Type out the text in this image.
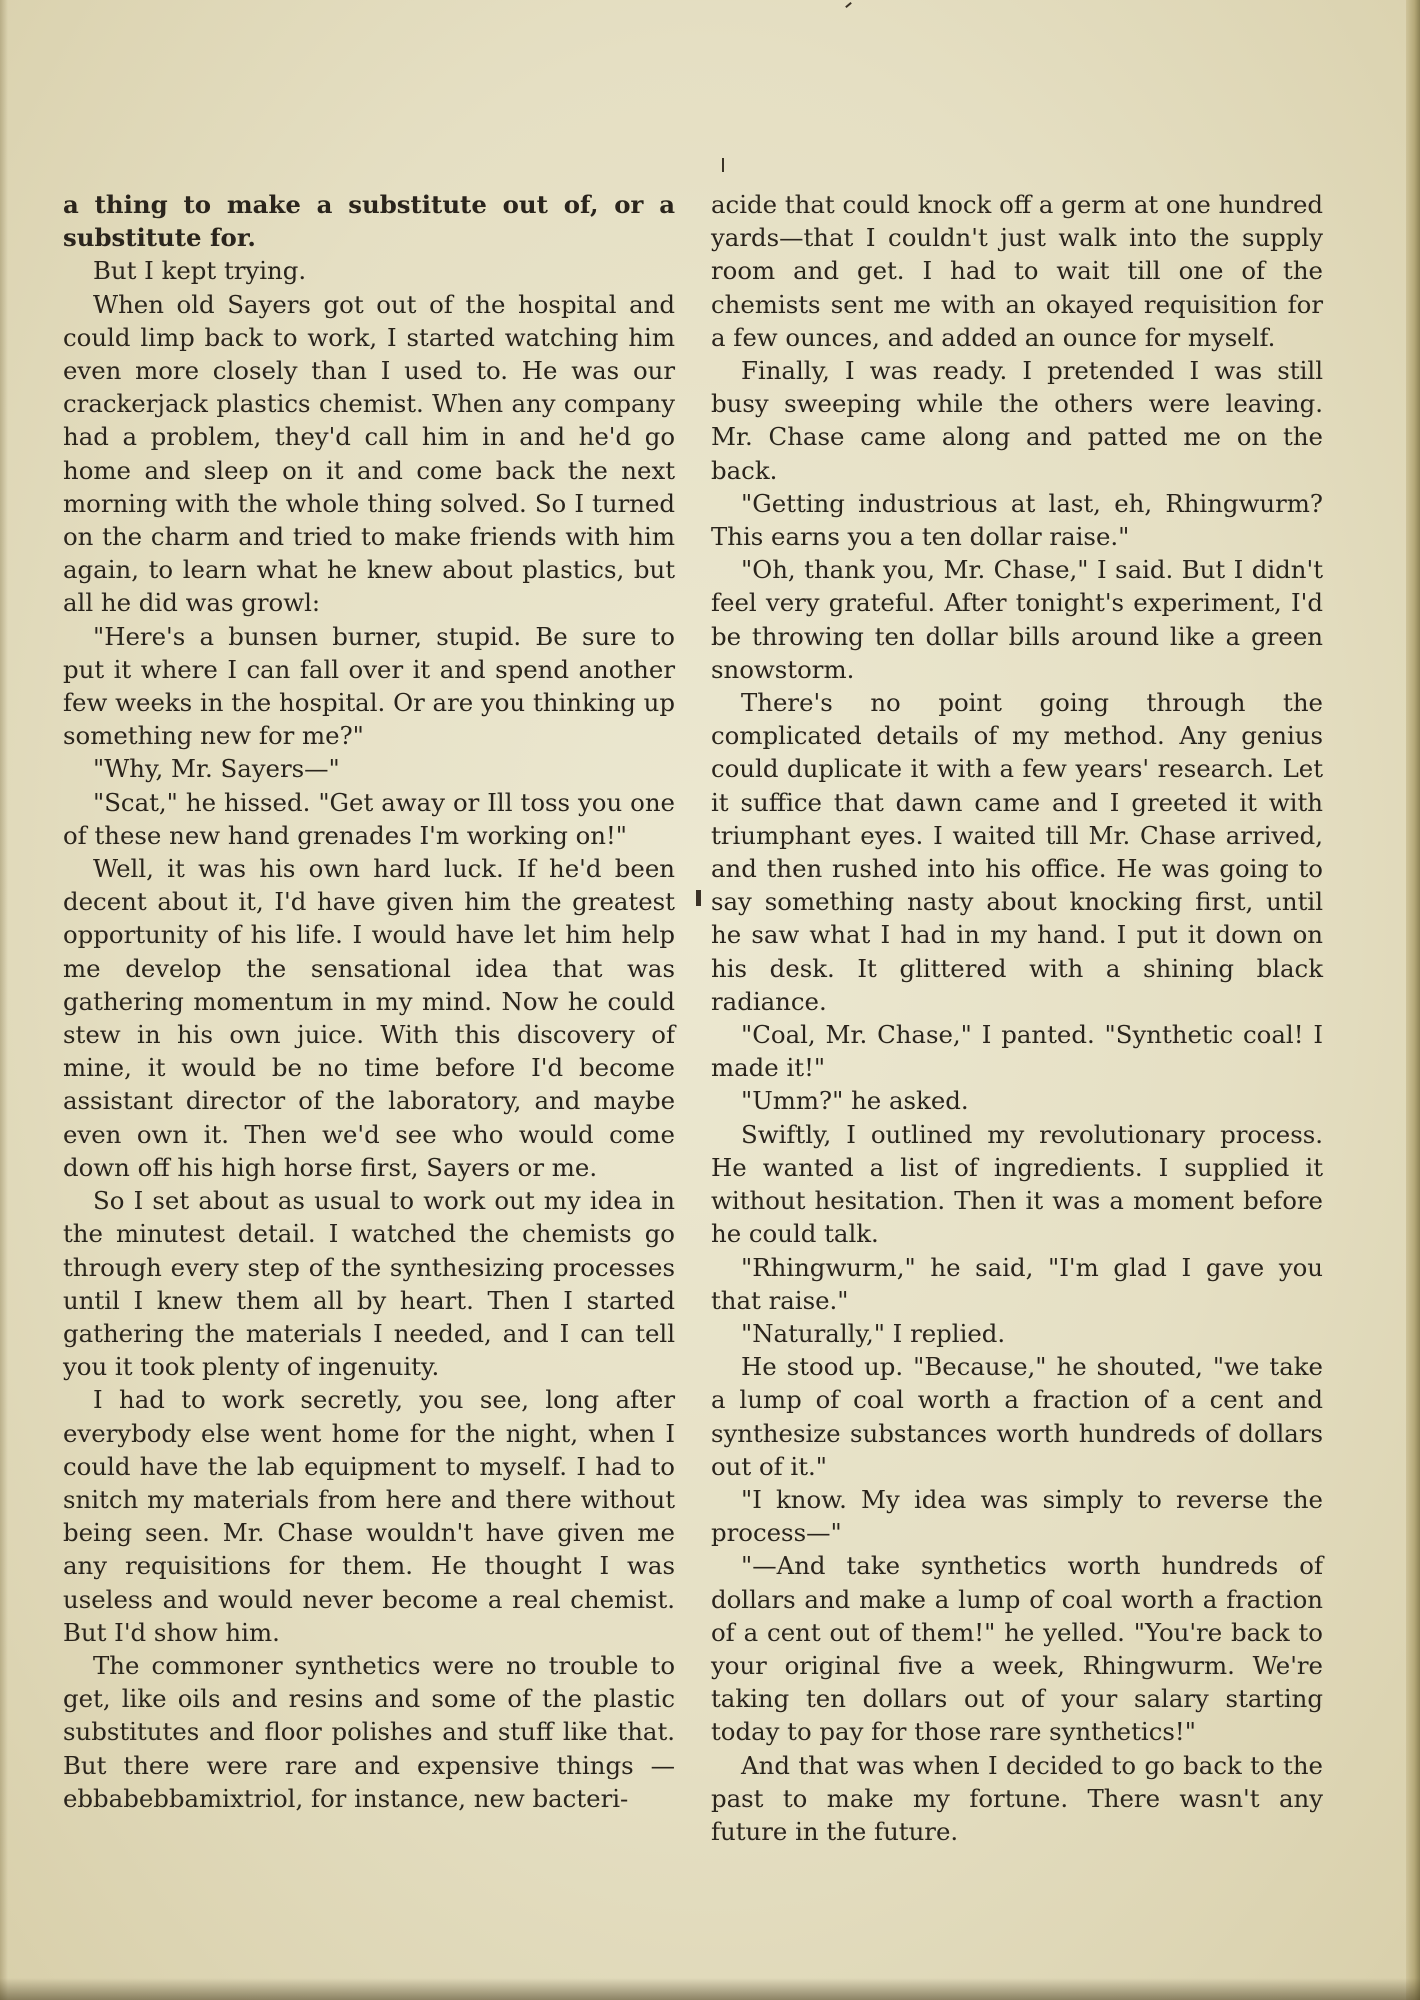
a thing to make a substitute out of, or a substitute for.

But I kept trying.

When old Sayers got out of the hospital and could limp back to work, I started watching him even more closely than I used to. He was our crackerjack plastics chemist. When any company had a problem, they'd call him in and he'd go home and sleep on it and come back the next morning with the whole thing solved. So I turned on the charm and tried to make friends with him again, to learn what he knew about plastics, but all he did was growl:

"Here's a bunsen burner, stupid. Be sure to put it where I can fall over it and spend another few weeks in the hospital. Or are you thinking up something new for me?"

"Why, Mr. Sayers—"

"Scat," he hissed. "Get away or Ill toss you one of these new hand grenades I'm working on!"

Well, it was his own hard luck. If he'd been decent about it, I'd have given him the greatest opportunity of his life. I would have let him help me develop the sensational idea that was gathering momentum in my mind. Now he could stew in his own juice. With this discovery of mine, it would be no time before I'd become assistant director of the laboratory, and maybe even own it. Then we'd see who would come down off his high horse first, Sayers or me.

So I set about as usual to work out my idea in the minutest detail. I watched the chemists go through every step of the synthesizing processes until I knew them all by heart. Then I started gathering the materials I needed, and I can tell you it took plenty of ingenuity.

I had to work secretly, you see, long after everybody else went home for the night, when I could have the lab equipment to myself. I had to snitch my materials from here and there without being seen. Mr. Chase wouldn't have given me any requisitions for them. He thought I was useless and would never become a real chemist. But I'd show him.

The commoner synthetics were no trouble to get, like oils and resins and some of the plastic substitutes and floor polishes and stuff like that. But there were rare and expensive things —ebbabebbamixtriol, for instance, new bacteri-

acide that could knock off a germ at one hundred yards—that I couldn't just walk into the supply room and get. I had to wait till one of the chemists sent me with an okayed requisition for a few ounces, and added an ounce for myself.

Finally, I was ready. I pretended I was still busy sweeping while the others were leaving. Mr. Chase came along and patted me on the back.

"Getting industrious at last, eh, Rhingwurm? This earns you a ten dollar raise."

"Oh, thank you, Mr. Chase," I said. But I didn't feel very grateful. After tonight's experiment, I'd be throwing ten dollar bills around like a green snowstorm.

There's no point going through the complicated details of my method. Any genius could duplicate it with a few years' research. Let it suffice that dawn came and I greeted it with triumphant eyes. I waited till Mr. Chase arrived, and then rushed into his office. He was going to say something nasty about knocking first, until he saw what I had in my hand. I put it down on his desk. It glittered with a shining black radiance.

"Coal, Mr. Chase," I panted. "Synthetic coal! I made it!"

"Umm?" he asked.

Swiftly, I outlined my revolutionary process. He wanted a list of ingredients. I supplied it without hesitation. Then it was a moment before he could talk.

"Rhingwurm," he said, "I'm glad I gave you that raise."

"Naturally," I replied.

He stood up. "Because," he shouted, "we take a lump of coal worth a fraction of a cent and synthesize substances worth hundreds of dollars out of it."

"I know. My idea was simply to reverse the process—"

"—And take synthetics worth hundreds of dollars and make a lump of coal worth a fraction of a cent out of them!" he yelled. "You're back to your original five a week, Rhingwurm. We're taking ten dollars out of your salary starting today to pay for those rare synthetics!"

And that was when I decided to go back to the past to make my fortune. There wasn't any future in the future.
